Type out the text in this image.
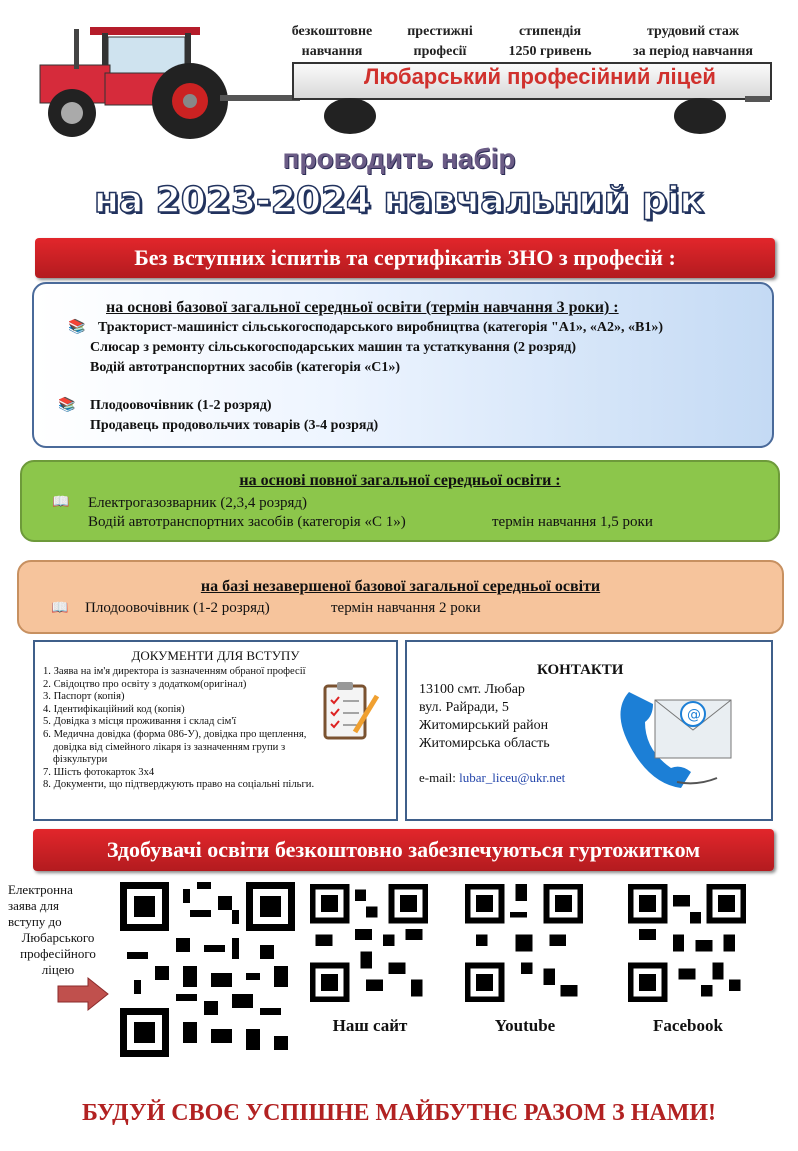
безкоштовне
навчання
престижні
професії
стипендія
1250 гривень
трудовий стаж
за період навчання
Любарський професійний ліцей
проводить набір
на 2023-2024 навчальний рік
Без вступних іспитів та сертифікатів ЗНО з професій :
на основі базової загальної середньої освіти (термін навчання 3 роки) :
📚 Тракторист-машиніст сільськогосподарського виробництва (категорія "А1», «А2», «В1»)
Слюсар з ремонту сільськогосподарських машин та устаткування (2 розряд)
Водій автотранспортних засобів (категорія «С1»)
📚 Плодоовочівник (1-2 розряд)
Продавець продовольчих товарів (3-4 розряд)
на основі повної загальної середньої освіти :
📖 Електрогазозварник (2,3,4 розряд)
Водій автотранспортних засобів (категорія «С 1»)	термін навчання 1,5 роки
на базі незавершеної базової загальної середньої освіти
📖 Плодоовочівник (1-2 розряд)	термін навчання 2 роки
ДОКУМЕНТИ ДЛЯ ВСТУПУ
1. Заява на ім'я директора із зазначенням обраної професії
2. Свідоцтво про освіту з додатком(оригінал)
3. Паспорт (копія)
4. Ідентифікаційний код (копія)
5. Довідка з місця проживання і склад сім'ї
6. Медична довідка (форма 086-У), довідка про щеплення,
довідка від сімейного лікаря із зазначенням групи з
фізкультури
7. Шість фотокарток 3х4
8. Документи, що підтверджують право на соціальні пільги.
КОНТАКТИ
13100 смт. Любар
вул. Райради, 5
Житомирський район
Житомирська область
e-mail: lubar_liceu@ukr.net
@
Здобувачі освіти безкоштовно забезпечуються гуртожитком
Електронна
заява для
вступу до
Любарського
професійного
ліцею
Наш сайт	Youtube	Facebook
БУДУЙ СВОЄ УСПІШНЕ МАЙБУТНЄ РАЗОМ З НАМИ!
